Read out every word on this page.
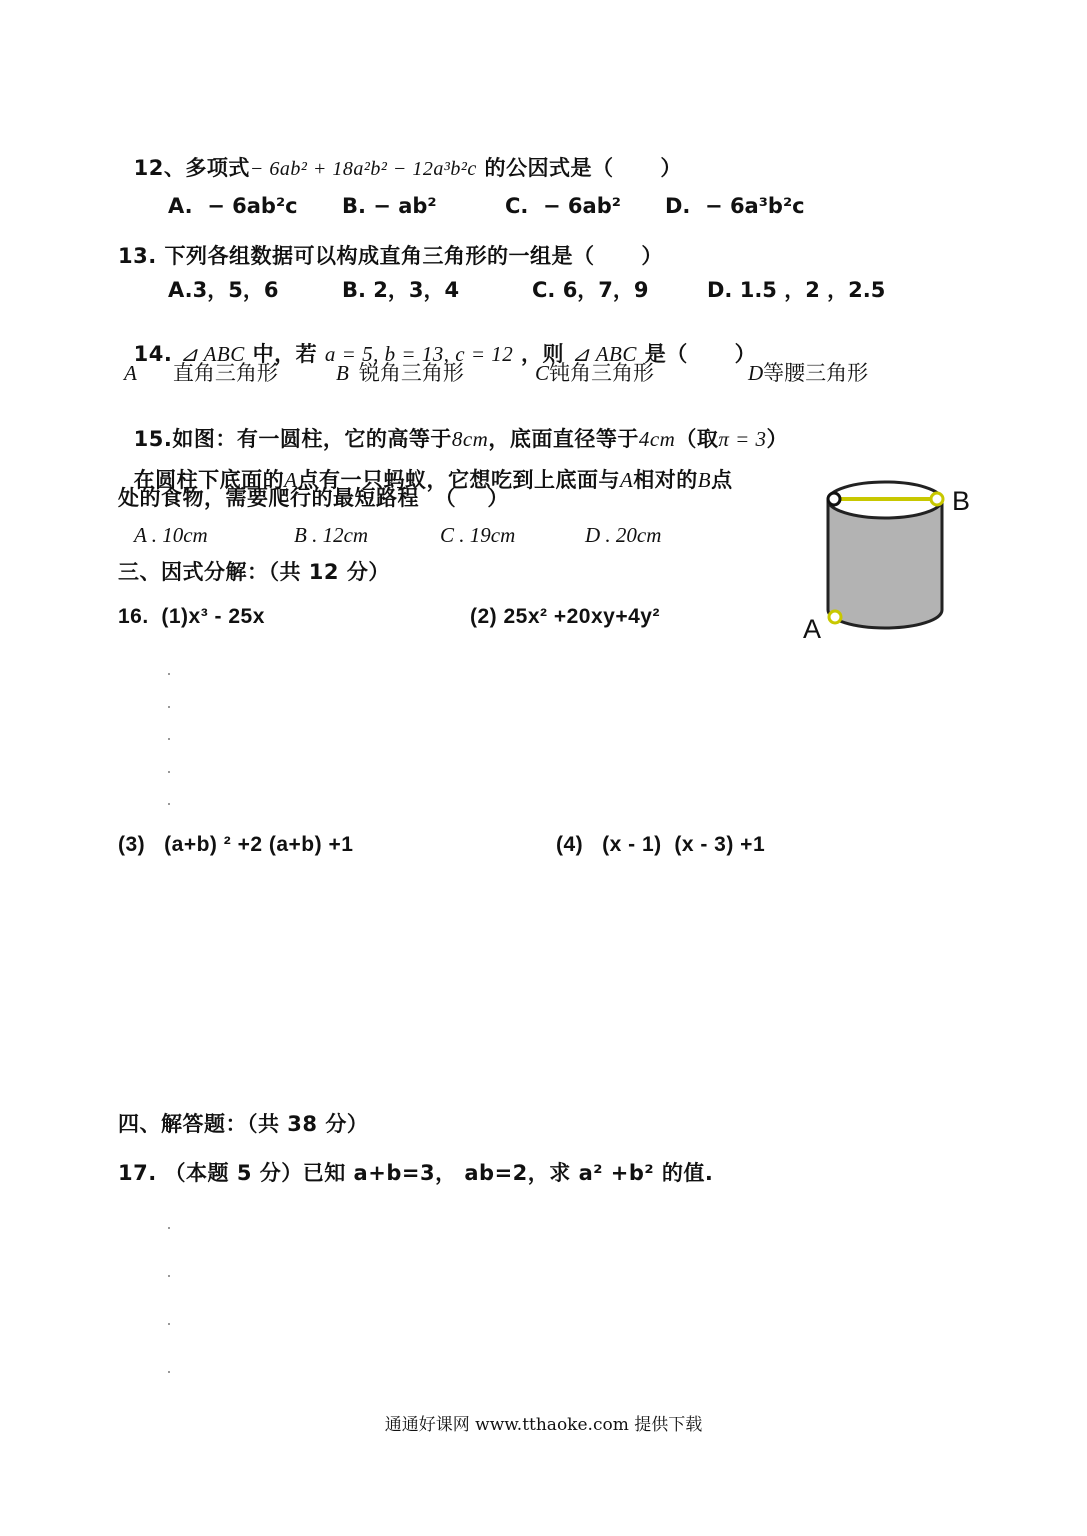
12、多项式− 6ab² + 18a²b² − 12a³b²c 的公因式是（      ）

A.  − 6ab²c B. − ab²	C.  − 6ab² D.  − 6a³b²c
13. 下列各组数据可以构成直角三角形的一组是（      ）
A.3，5，6	B. 2，3，4	C. 6，7，9	D. 1.5 ，2 ，2.5

14. ⊿ ABC 中，若 a = 5, b = 13, c = 12 ，则 ⊿ ABC 是（      ）

A 直角三角形	B 锐角三角形	C钝角三角形	D等腰三角形

15.如图：有一圆柱，它的高等于8cm，底面直径等于4cm（取π = 3）

在圆柱下底面的A点有一只蚂蚁，它想吃到上底面与A相对的B点

处的食物，需要爬行的最短路程  （    ）
A . 10cm	B . 12cm	C . 19cm	D . 20cm
B
A
三、因式分解：（共 12 分）
16.  (1)x³ - 25x	(2) 25x² +20xy+4y²
(3)   (a+b) ² +2 (a+b) +1	(4)   (x - 1)  (x - 3) +1
四、解答题：（共 38 分）
17. （本题 5 分）已知 a+b=3， ab=2，求 a² +b² 的值.
通通好课网 www.tthaoke.com 提供下载
